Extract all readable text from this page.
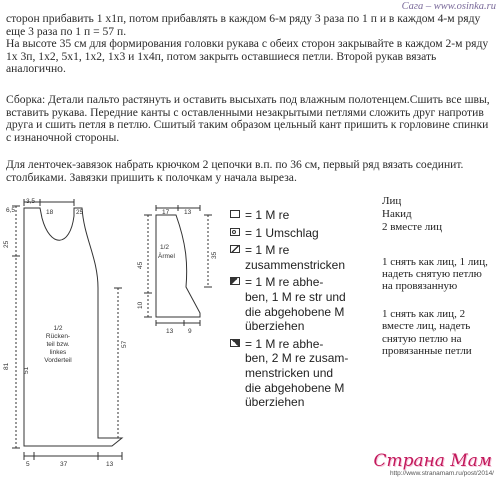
Сага – www.osinka.ru

сторон прибавить 1 х1п, потом прибавлять в каждом 6-м ряду 3 раза по 1 п и в каждом 4-м ряду еще 3 раза по 1 п = 57 п.
На высоте 35 см для формирования головки рукава с обеих сторон закрывайте в каждом 2-м ряду 1х 3п, 1х2, 5х1, 1х2, 1х3 и 1х4п, потом закрыть оставшиеся петли. Второй рукав вязать аналогично.

Сборка: Детали пальто растянуть и оставить высыхать под влажным полотенцем.Сшить все швы, вставить рукава. Передние канты с оставленными незакрытыми петлями сложить друг напротив друга и сшить петля в петлю. Сшитый таким образом цельный кант пришить к горловине спинки с изнаночной стороны.

Для ленточек-завязок набрать крючком 2 цепочки в.п. по 36 см, первый ряд вязать соединит. столбиками. Завязки пришить к полочкам у начала выреза.

3,5
6,5	18	25
25
81
57
51
5	37	13
1/2
Rücken-
teil bzw.
linkes
Vorderteil
17 13
45
35
10
13 9
1/2
Ärmel
= 1 M re
= 1 Umschlag
= 1 M re
zusammenstricken
= 1 M re abhe-
ben, 1 M re str und
die abgehobene M
überziehen
= 1 M re abhe-
ben, 2 M re zusam-
menstricken und
die abgehobene M
überziehen
Лиц
Накид
2 вместе лиц
1 снять как лиц, 1 лиц,
надеть снятую петлю
на провязанную
1 снять как лиц, 2
вместе лиц, надеть
снятую петлю на
провязанные петли
Страна Мам
http://www.stranamam.ru/post/2014/
